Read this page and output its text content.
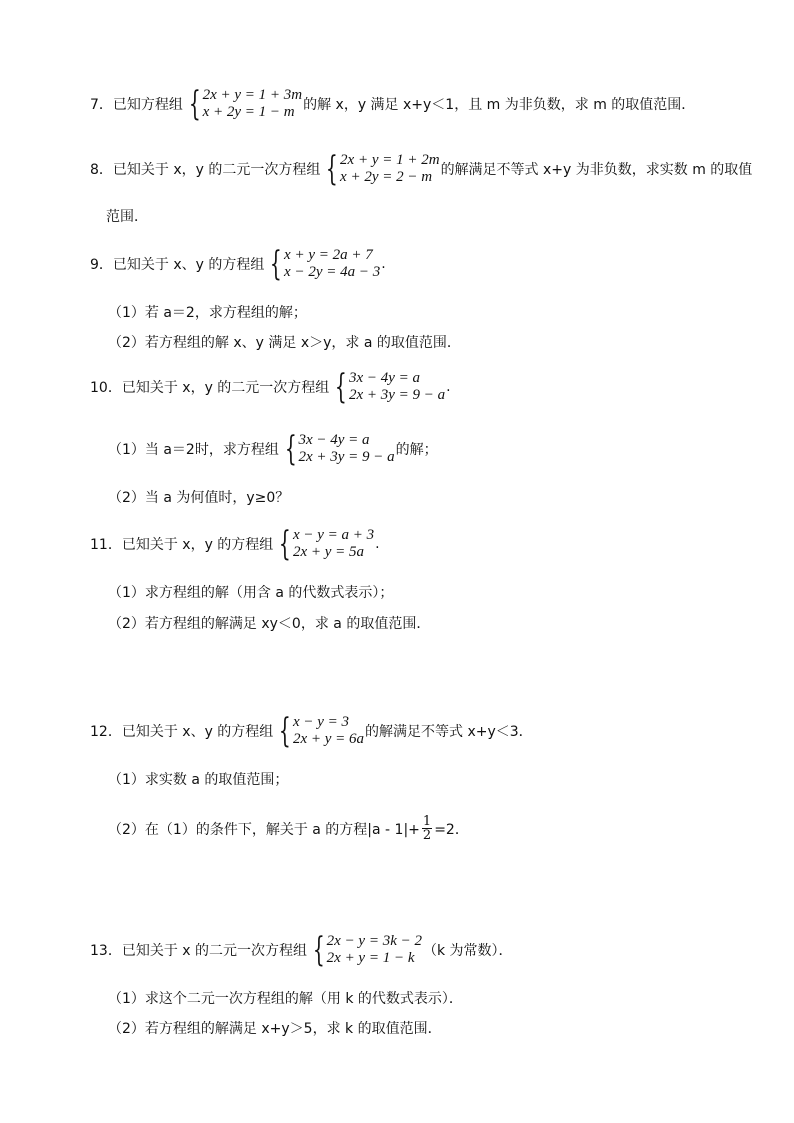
7． 已知方程组 { 2x + y = 1 + 3m
x + 2y = 1 − m 的解 x，y 满足 x+y＜1，且 m 为非负数，求 m 的取值范围．
8． 已知关于 x，y 的二元一次方程组 { 2x + y = 1 + 2m
x + 2y = 2 − m 的解满足不等式 x+y 为非负数，求实数 m 的取值
范围．
9． 已知关于 x、y 的方程组 { x + y = 2a + 7
x − 2y = 4a − 3 .
（1）若 a＝2，求方程组的解；
（2）若方程组的解 x、y 满足 x＞y，求 a 的取值范围．
10． 已知关于 x，y 的二元一次方程组 { 3x − 4y = a
2x + 3y = 9 − a .
（1）当 a＝2时，求方程组 { 3x − 4y = a
2x + 3y = 9 − a 的解；
（2）当 a 为何值时，y≥0？
11． 已知关于 x，y 的方程组 { x − y = a + 3
2x + y = 5a .
（1）求方程组的解（用含 a 的代数式表示）；
（2）若方程组的解满足 xy＜0，求 a 的取值范围．
12． 已知关于 x、y 的方程组 { x − y = 3
2x + y = 6a 的解满足不等式 x+y＜3．
（1）求实数 a 的取值范围；
（2）在（1）的条件下，解关于 a 的方程$|a - 1|+ \frac{1}{2} =2$．
13． 已知关于 x 的二元一次方程组 { 2x − y = 3k − 2
2x + y = 1 − k （k 为常数）．
（1）求这个二元一次方程组的解（用 k 的代数式表示）．
（2）若方程组的解满足 x+y＞5，求 k 的取值范围．
